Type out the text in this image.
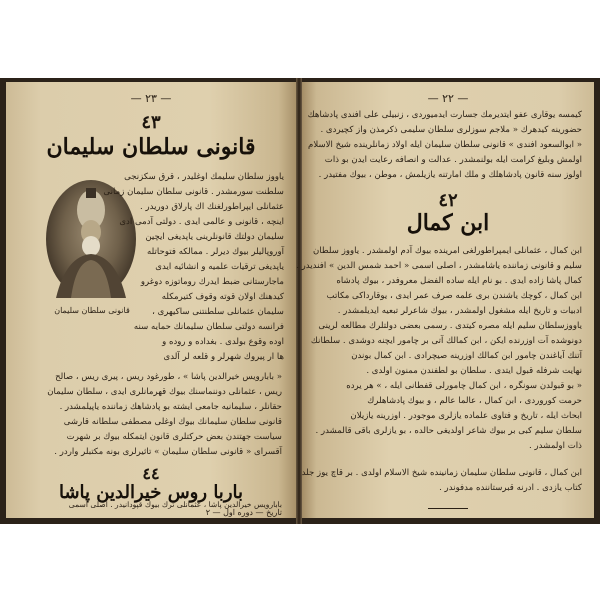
— ٢٣ —
٤٣
قانونی سلطان سلیمان
قانونی سلطان سلیمان
یاووز سلطان سلیمك اوغلیدر ، قرق سكزنجی
سلطنت سورمشدر . قانونی سلطان سلیمان زمانی
عثمانلی ایپراطورلغنك اك پارلاق دوریدر .
اینچه ، قانونی و عالمی ایدی . دولتی آدمی ادی
سلیمان دولتك قانونلرینی یاپدیغی ایچین
آوروپالیلر بیوك دیرلر . ممالكه فتوحاتله
یاپدیغی ترقیات علمیه و انشائیه ایدی
ماجارستانی ضبط ایدرك روماتوزه دوغرو
كیدهنك اولان قوته وقوف كتیرمكله
سلیمان عثمانلی سلطنتنی ساكیهری ،
فرانسه دولتی سلطان سلیمانك حمایه سنه
اوده وقوع بولدی . بغداده و روده و
ها ار پیروك شهرلر و قلعه لر آلدی
« بابارویس خیرالدین پاشا » ، طورغود ریس ، پیری ریس ، صالح
ریس ، عثمانلی دوننماسنك بیوك قهرمانلری ایدی ، سلطان سلیمان
حقانلر ، سلیمانیه جامعی ایشته بو پادشاهك زماننده یاپیلمشدر .
قانونی سلطان سلیمانك بیوك اوغلی مصطفی سلطانه قارشی
سیاست جهتندن بعض حركتلری قانون ایتمكله بیوك بر شهرت
آقسرای « قانونی سلطان سلیمان » تاثیرلری بونه مكتبلر واردر .
٤٤
باربا روس خیرالدین پاشا
بابارویس خیرالدین پاشا ، عثمانلی ترك بیوك قپودانیدر . اصلی اسمی
تاریخ — دوره اول — ٢
— ٢٢ —
كیمسه یوقاری عفو ایتدیرمك جسارت ایدمیوردی ، زنبیلی علی افندی پادشاهك
حضورینه كیدهرك « ملاجم سوزلری سلطان سلیمی ذكرمذن واز كچیردی .
« ابوالسعود افندی » قانونی سلطان سلیمان ایله اولاد زمانلرینده شیخ الاسلام
اولمش وبلیغ كرامت ایله بولنمشدر . عدالت و انصافه رعایت ایدن بو ذات
اولوز سنه قانون پادشاهلك و ملك امارتنه یازیلمش ، موطن ، بیوك مفتیدر .
٤٢
ابن كمال
ابن كمال ، عثمانلی ایمپراطورلغی امرینده بیوك آدم اولمشدر . یاووز سلطان
سلیم و قانونی زماننده یاشامشدر ، اصلی اسمی « احمد شمس الدین » افندیدر .
كمال پاشا زاده ایدی . بو نام ایله ساده الفضل معروفدر ، بیوك پادشاه
ابن كمال ، كوچك یاشندن بری علمه صرف عمر ایدی ، یوقارداكی مكاتب
ادبیات و تاریخ ایله مشغول اولمشدر ، بیوك شاعرلر تبعیه ایدیلمشدر .
یاووزسلطان سلیم ایله مصره كیتدی . رسمی بعضی دولتلرك مطالعه لرینی
دونوشده آت اوزرنده ایكن ، ابن كمالك آتی بر چامور ایچنه دوشدی . سلطانك
آتنك آیاغندن چامور ابن كمالك اوزرینه صیچرادی . ابن كمال بوندن
نهایت شرفله قبول ایتدی . سلطان بو لطفندن ممنون اولدی .
« بو قبولدن سونگره ، ابن كمال چامورلی قفطانی ایله ، » هر یرده
حرمت كوروردی ، ابن كمال ، عالما عالم ، و بیوك پادشاهلرك
ابحاث ایله ، تاریخ و فتاوی علماده یازلری موجودر . اوزرینه یازیلان
سلطان سلیم كبی بر بیوك شاعر اولدیغی حالده ، بو یازلری باقی قالمشدر .
ذات اولمشدر .
ابن كمال ، قانونی سلطان سلیمان زمانینده شیخ الاسلام اولدی . بر قاچ یوز جلد
كتاب یازدی . ادرنه قبرستاننده مدفوندر .
